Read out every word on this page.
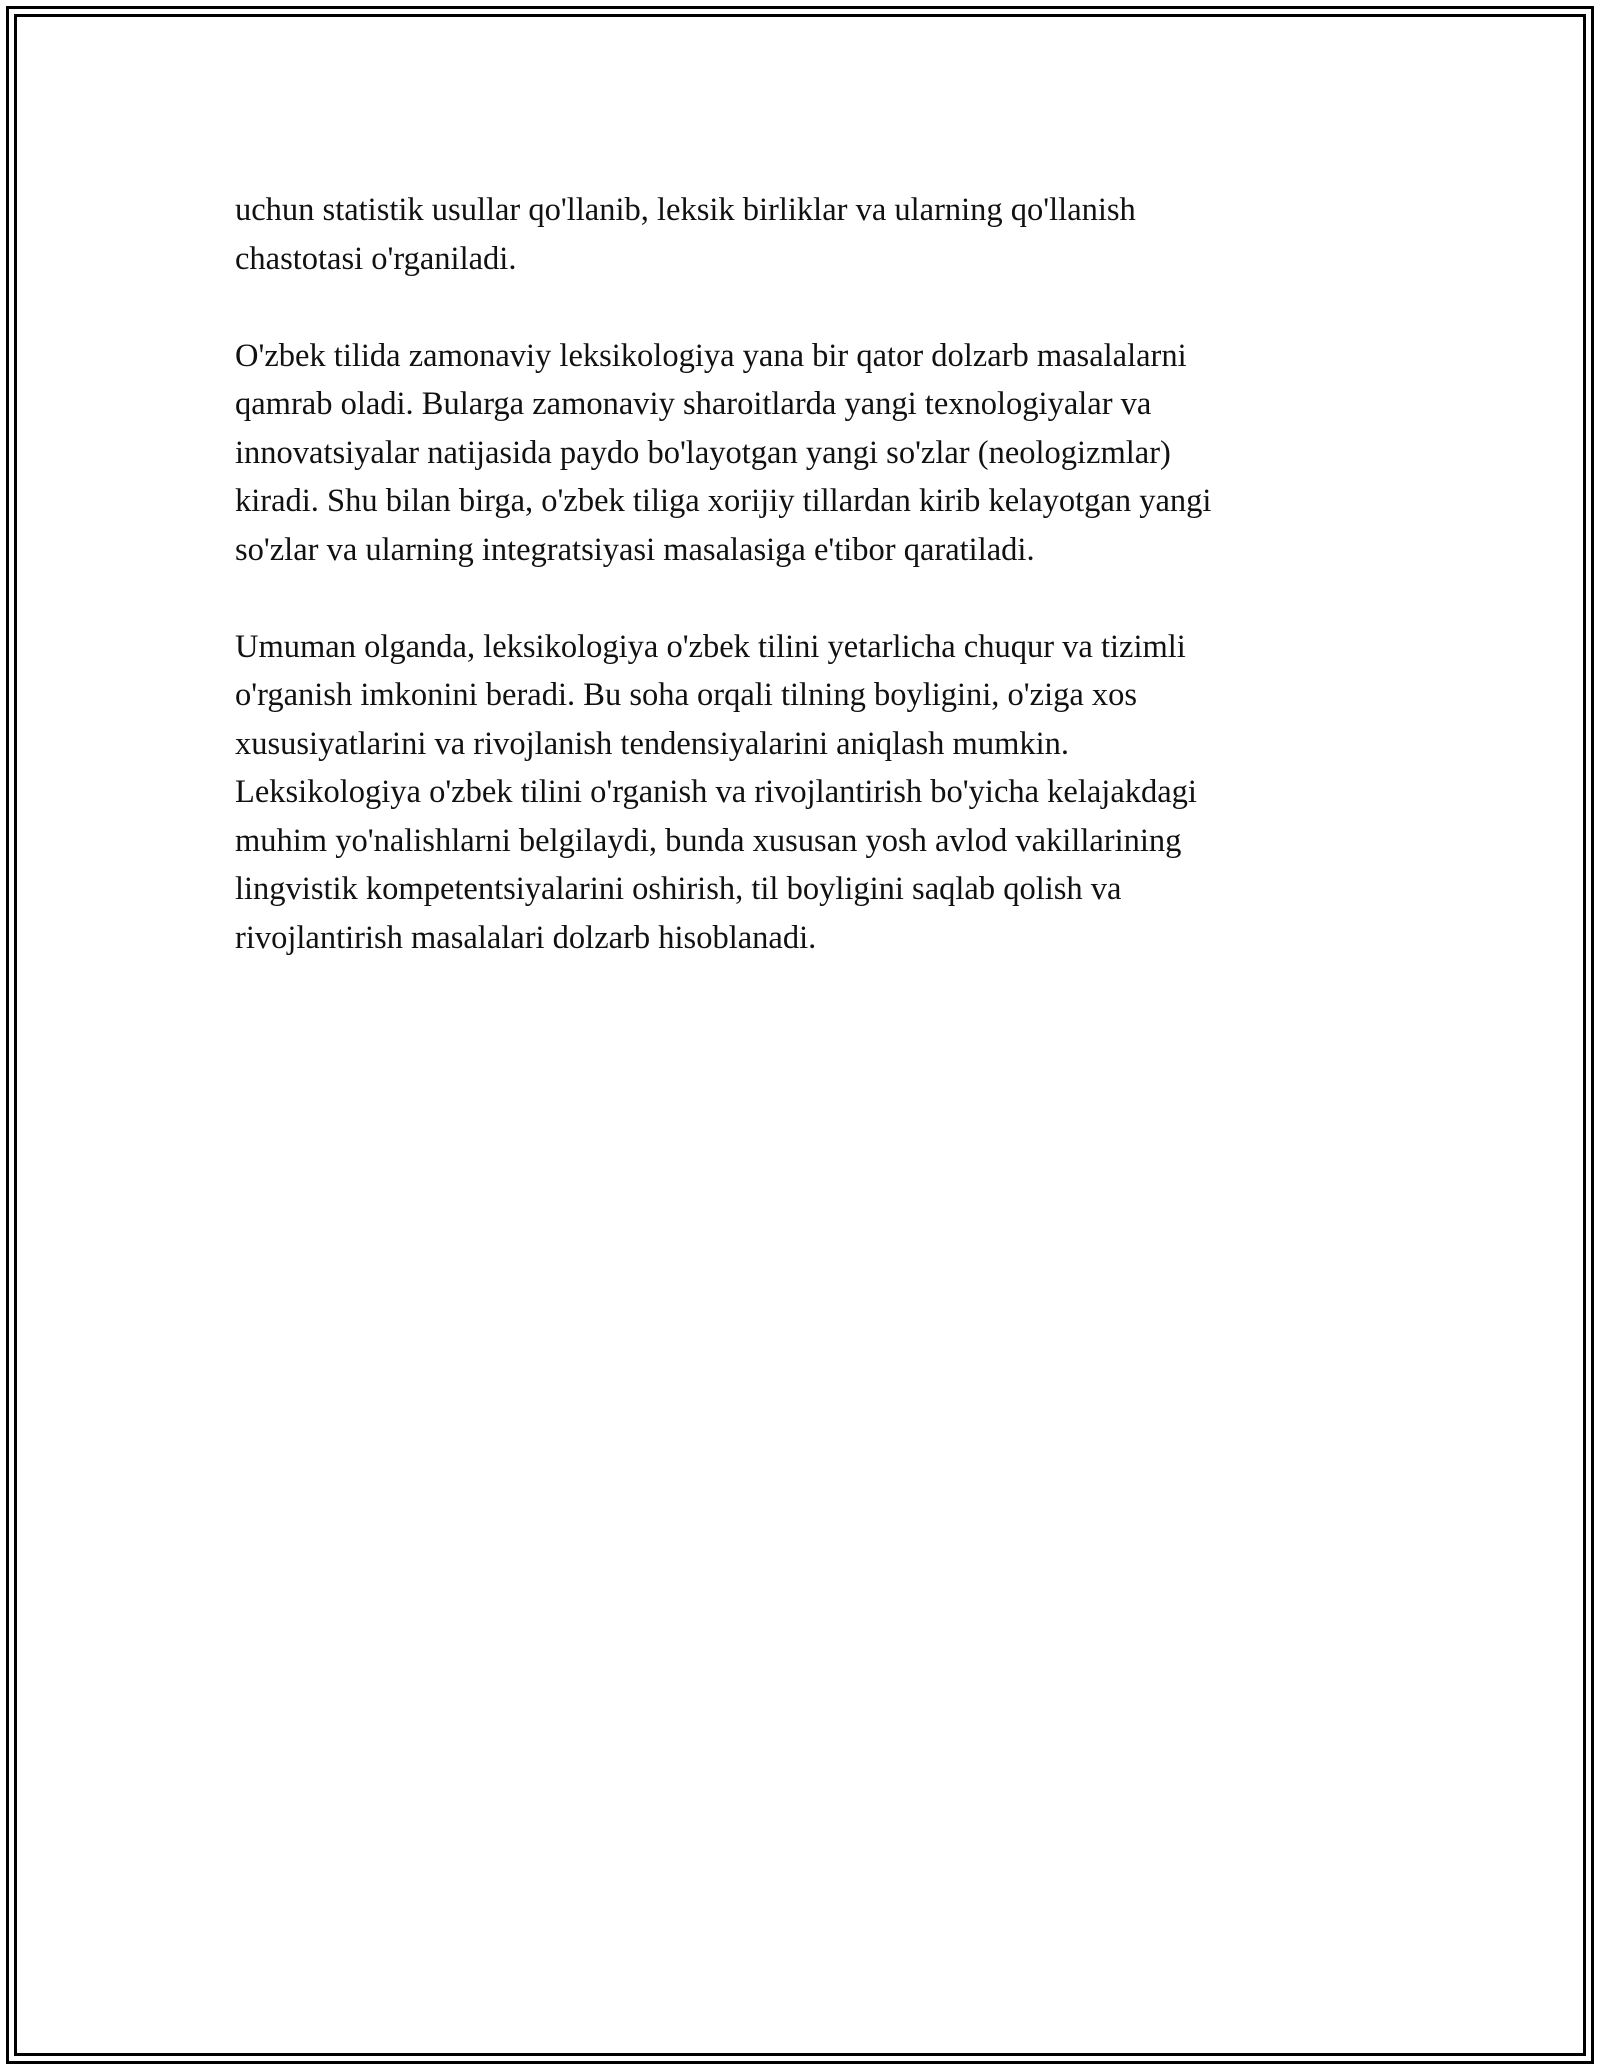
uchun statistik usullar qo'llanib, leksik birliklar va ularning qo'llanish
chastotasi o'rganiladi.

O'zbek tilida zamonaviy leksikologiya yana bir qator dolzarb masalalarni
qamrab oladi. Bularga zamonaviy sharoitlarda yangi texnologiyalar va
innovatsiyalar natijasida paydo bo'layotgan yangi so'zlar (neologizmlar)
kiradi. Shu bilan birga, o'zbek tiliga xorijiy tillardan kirib kelayotgan yangi
so'zlar va ularning integratsiyasi masalasiga e'tibor qaratiladi.

Umuman olganda, leksikologiya o'zbek tilini yetarlicha chuqur va tizimli
o'rganish imkonini beradi. Bu soha orqali tilning boyligini, o'ziga xos
xususiyatlarini va rivojlanish tendensiyalarini aniqlash mumkin.
Leksikologiya o'zbek tilini o'rganish va rivojlantirish bo'yicha kelajakdagi
muhim yo'nalishlarni belgilaydi, bunda xususan yosh avlod vakillarining
lingvistik kompetentsiyalarini oshirish, til boyligini saqlab qolish va
rivojlantirish masalalari dolzarb hisoblanadi.
